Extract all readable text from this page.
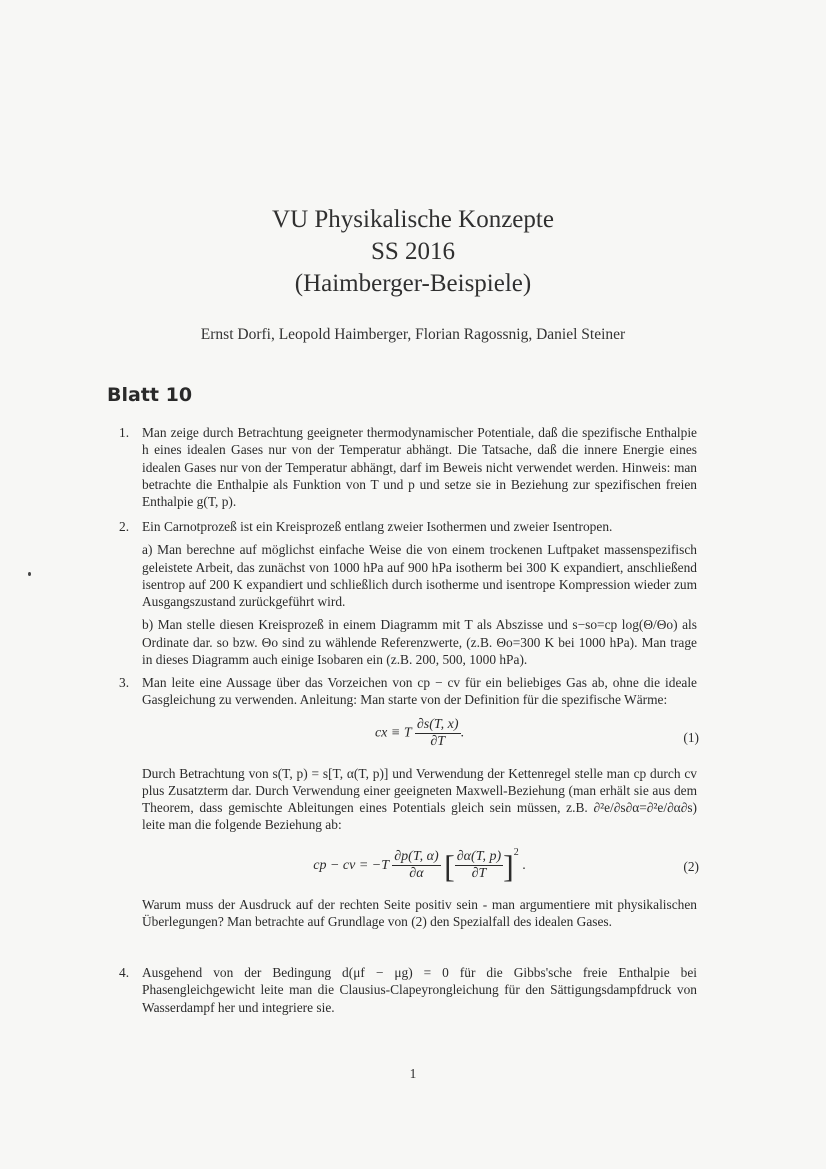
VU Physikalische Konzepte
SS 2016
(Haimberger-Beispiele)
Ernst Dorfi, Leopold Haimberger, Florian Ragossnig, Daniel Steiner
Blatt 10
1. Man zeige durch Betrachtung geeigneter thermodynamischer Potentiale, daß die spezifische Enthalpie h eines idealen Gases nur von der Temperatur abhängt. Die Tatsache, daß die innere Energie eines idealen Gases nur von der Temperatur abhängt, darf im Beweis nicht verwendet werden. Hinweis: man betrachte die Enthalpie als Funktion von T und p und setze sie in Beziehung zur spezifischen freien Enthalpie g(T, p).

2. Ein Carnotprozeß ist ein Kreisprozeß entlang zweier Isothermen und zweier Isentropen.

a) Man berechne auf möglichst einfache Weise die von einem trockenen Luftpaket massenspezifisch geleistete Arbeit, das zunächst von 1000 hPa auf 900 hPa isotherm bei 300 K expandiert, anschließend isentrop auf 200 K expandiert und schließlich durch isotherme und isentrope Kompression wieder zum Ausgangszustand zurückgeführt wird.

b) Man stelle diesen Kreisprozeß in einem Diagramm mit T als Abszisse und s−so=cp log(Θ/Θo) als Ordinate dar. so bzw. Θo sind zu wählende Referenzwerte, (z.B. Θo=300 K bei 1000 hPa). Man trage in dieses Diagramm auch einige Isobaren ein (z.B. 200, 500, 1000 hPa).

3. Man leite eine Aussage über das Vorzeichen von cp − cv für ein beliebiges Gas ab, ohne die ideale Gasgleichung zu verwenden. Anleitung: Man starte von der Definition für die spezifische Wärme:

cx ≡ T $\frac{\partial s(T, x)}{\partial T}$ .	(1)

Durch Betrachtung von s(T, p) = s[T, α(T, p)] und Verwendung der Kettenregel stelle man cp durch cv plus Zusatzterm dar. Durch Verwendung einer geeigneten Maxwell-Beziehung (man erhält sie aus dem Theorem, dass gemischte Ableitungen eines Potentials gleich sein müssen, z.B. ∂²e/∂s∂α=∂²e/∂α∂s) leite man die folgende Beziehung ab:

cp − cv = $-T \frac{\partial p(T, \alpha)}{\partial\alpha}$ [ $\frac{\partial\alpha(T, p)}{\partial T} ]^2$ .	(2)

Warum muss der Ausdruck auf der rechten Seite positiv sein - man argumentiere mit physikalischen Überlegungen? Man betrachte auf Grundlage von (2) den Spezialfall des idealen Gases.

4. Ausgehend von der Bedingung d(μf − μg) = 0 für die Gibbs'sche freie Enthalpie bei Phasengleichgewicht leite man die Clausius-Clapeyrongleichung für den Sättigungsdampfdruck von Wasserdampf her und integriere sie.

1
